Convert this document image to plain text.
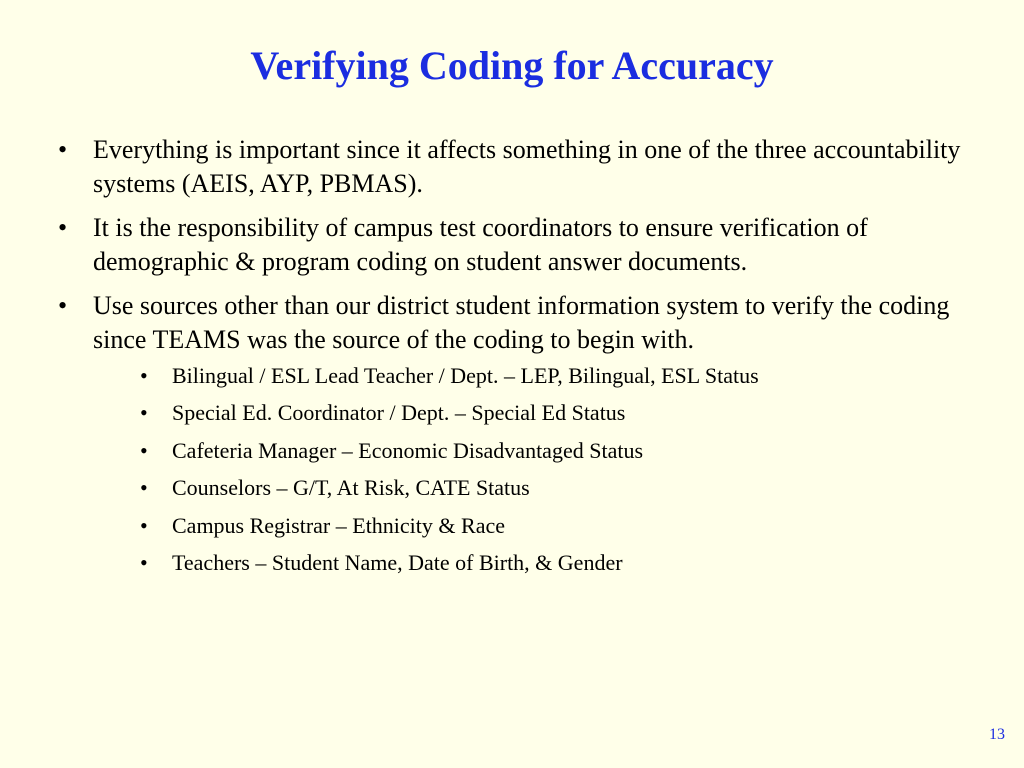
Verifying Coding for Accuracy
• Everything is important since it affects something in one of the three accountability systems (AEIS, AYP, PBMAS).
• It is the responsibility of campus test coordinators to ensure verification of demographic & program coding on student answer documents.
• Use sources other than our district student information system to verify the coding since TEAMS was the source of the coding to begin with.
•	Bilingual / ESL Lead Teacher / Dept. – LEP, Bilingual, ESL Status
•	Special Ed. Coordinator / Dept. – Special Ed Status
•	Cafeteria Manager – Economic Disadvantaged Status
•	Counselors – G/T, At Risk, CATE Status
•	Campus Registrar – Ethnicity & Race
•	Teachers – Student Name, Date of Birth, & Gender
13
